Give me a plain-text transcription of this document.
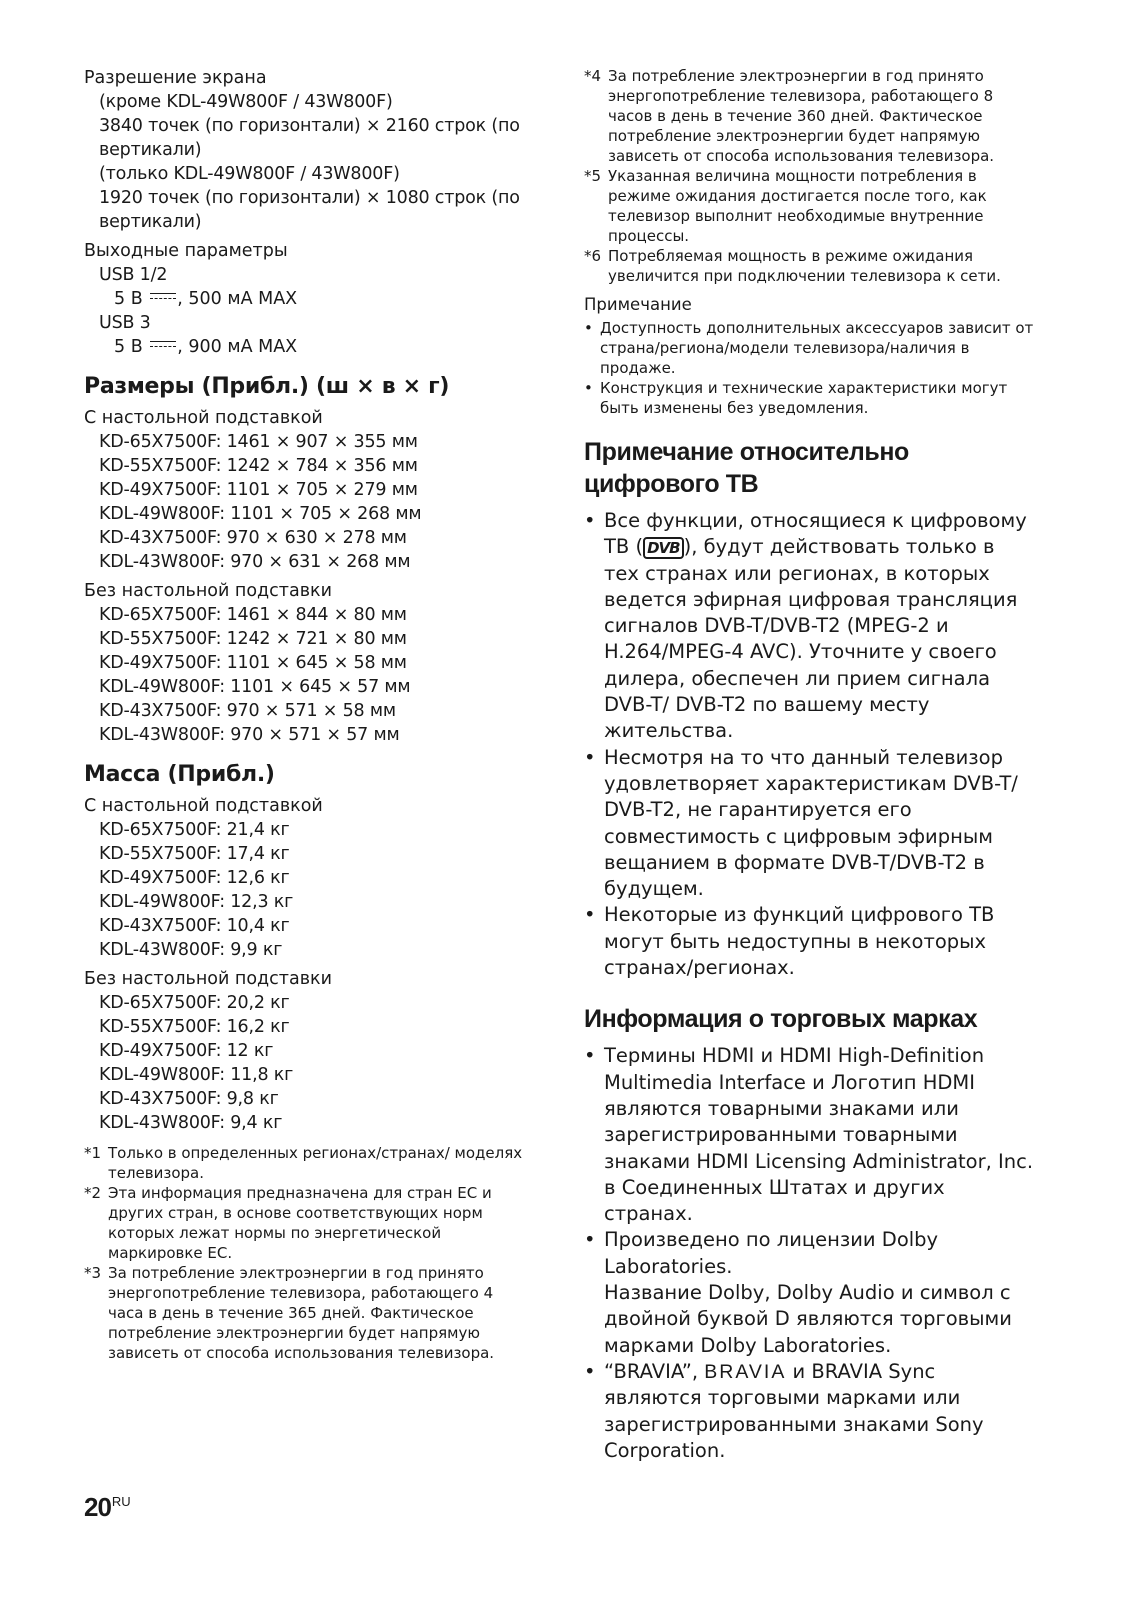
Разрешение экрана

(кроме KDL-49W800F / 43W800F)

3840 точек (по горизонтали) × 2160 строк (по вертикали)

(только KDL-49W800F / 43W800F)

1920 точек (по горизонтали) × 1080 строк (по вертикали)

Выходные параметры

USB 1/2

5 В , 500 мА MAX

USB 3

5 В , 900 мА MAX

Размеры (Прибл.) (ш × в × г)

С настольной подставкой

KD-65X7500F: 1461 × 907 × 355 мм

KD-55X7500F: 1242 × 784 × 356 мм

KD-49X7500F: 1101 × 705 × 279 мм

KDL-49W800F: 1101 × 705 × 268 мм

KD-43X7500F: 970 × 630 × 278 мм

KDL-43W800F: 970 × 631 × 268 мм

Без настольной подставки

KD-65X7500F: 1461 × 844 × 80 мм

KD-55X7500F: 1242 × 721 × 80 мм

KD-49X7500F: 1101 × 645 × 58 мм

KDL-49W800F: 1101 × 645 × 57 мм

KD-43X7500F: 970 × 571 × 58 мм

KDL-43W800F: 970 × 571 × 57 мм

Масса (Прибл.)

С настольной подставкой

KD-65X7500F: 21,4 кг

KD-55X7500F: 17,4 кг

KD-49X7500F: 12,6 кг

KDL-49W800F: 12,3 кг

KD-43X7500F: 10,4 кг

KDL-43W800F: 9,9 кг

Без настольной подставки

KD-65X7500F: 20,2 кг

KD-55X7500F: 16,2 кг

KD-49X7500F: 12 кг

KDL-49W800F: 11,8 кг

KD-43X7500F: 9,8 кг

KDL-43W800F: 9,4 кг

*1 Только в определенных регионах/странах/ моделях телевизора.

*2 Эта информация предназначена для стран ЕС и других стран, в основе соответствующих норм которых лежат нормы по энергетической маркировке ЕС.

*3 За потребление электроэнергии в год принято энергопотребление телевизора, работающего 4 часа в день в течение 365 дней. Фактическое потребление электроэнергии будет напрямую зависеть от способа использования телевизора.

*4 За потребление электроэнергии в год принято энергопотребление телевизора, работающего 8 часов в день в течение 360 дней. Фактическое потребление электроэнергии будет напрямую зависеть от способа использования телевизора.

*5 Указанная величина мощности потребления в режиме ожидания достигается после того, как телевизор выполнит необходимые внутренние процессы.

*6 Потребляемая мощность в режиме ожидания увеличится при подключении телевизора к сети.

Примечание

• Доступность дополнительных аксессуаров зависит от страна/региона/модели телевизора/наличия в продаже.

• Конструкция и технические характеристики могут быть изменены без уведомления.

Примечание относительно цифрового ТВ

• Все функции, относящиеся к цифровому ТВ ( DVB ), будут действовать только в тех странах или регионах, в которых ведется эфирная цифровая трансляция сигналов DVB-T/DVB-T2 (MPEG-2 и H.264/MPEG-4 AVC). Уточните у своего дилера, обеспечен ли прием сигнала DVB-T/ DVB-T2 по вашему месту жительства.

• Несмотря на то что данный телевизор удовлетворяет характеристикам DVB-T/ DVB-T2, не гарантируется его совместимость с цифровым эфирным вещанием в формате DVB-T/DVB-T2 в будущем.

• Некоторые из функций цифрового ТВ могут быть недоступны в некоторых странах/регионах.

Информация о торговых марках

• Термины HDMI и HDMI High-Definition Multimedia Interface и Логотип HDMI являются товарными знаками или зарегистрированными товарными знаками HDMI Licensing Administrator, Inc. в Соединенных Штатах и других странах.

• Произведено по лицензии Dolby Laboratories.
Название Dolby, Dolby Audio и символ с двойной буквой D являются торговыми марками Dolby Laboratories.

• “BRAVIA”, BRAVIA и BRAVIA Sync являются торговыми марками или зарегистрированными знаками Sony Corporation.

$20^{RU}$
